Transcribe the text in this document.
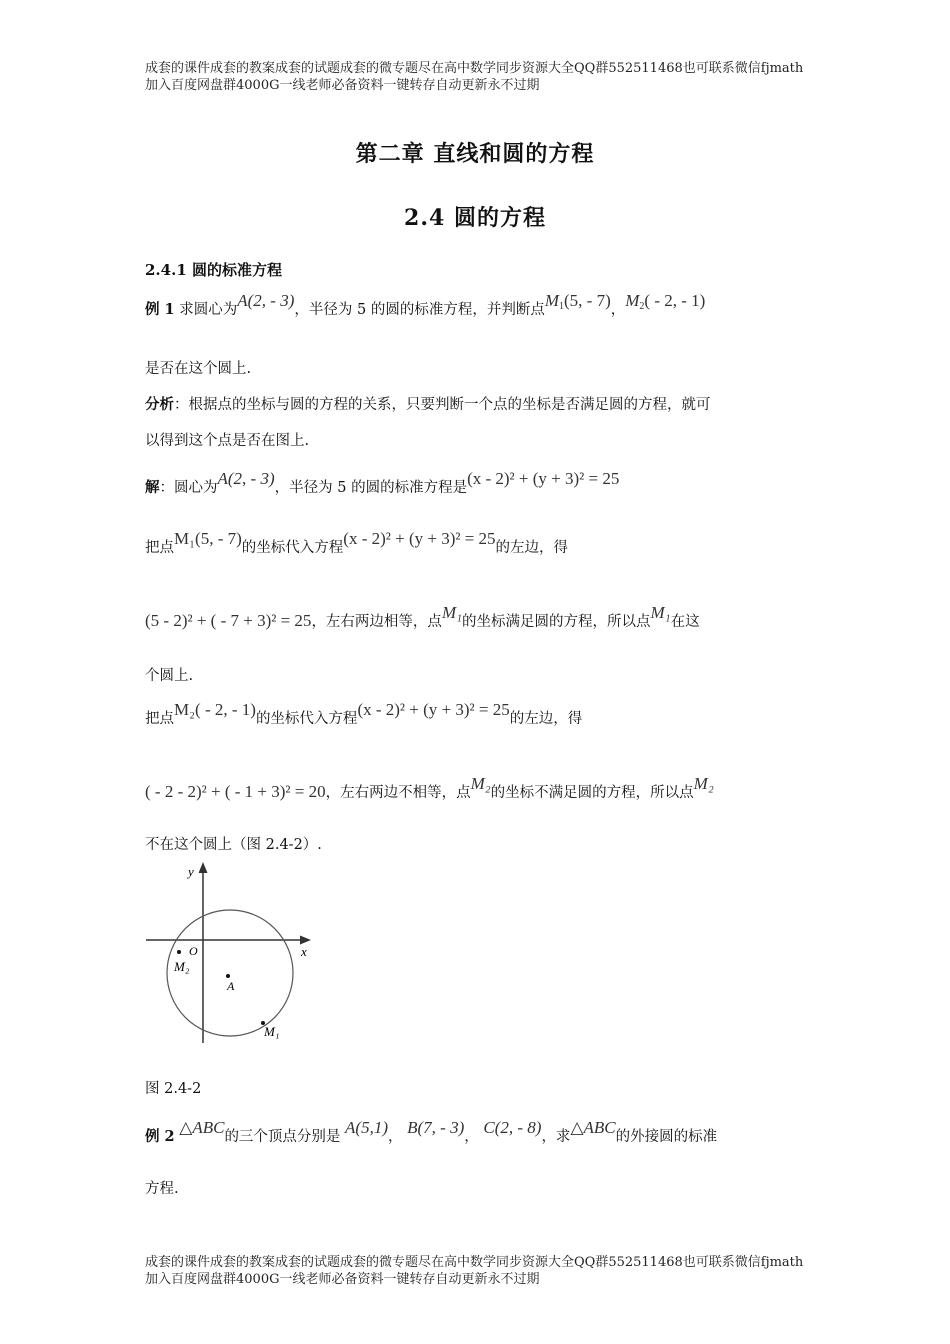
成套的课件成套的教案成套的试题成套的微专题尽在高中数学同步资源大全QQ群552511468也可联系微信fjmath加入百度网盘群4000G一线老师必备资料一键转存自动更新永不过期
第二章 直线和圆的方程
2.4 圆的方程
2.4.1 圆的标准方程
例 1 求圆心为A(2, - 3)，半径为 5 的圆的标准方程，并判断点M1(5, - 7)，M2( - 2, - 1)
是否在这个圆上.
分析：根据点的坐标与圆的方程的关系，只要判断一个点的坐标是否满足圆的方程，就可
以得到这个点是否在图上.
解：圆心为A(2, - 3)，半径为 5 的圆的标准方程是(x - 2)² + (y + 3)² = 25
把点M₁(5, - 7)的坐标代入方程(x - 2)² + (y + 3)² = 25的左边，得
(5 - 2)² + ( - 7 + 3)² = 25，左右两边相等，点M₁的坐标满足圆的方程，所以点M₁在这
个圆上.
把点M₂( - 2, - 1)的坐标代入方程(x - 2)² + (y + 3)² = 25的左边，得
( - 2 - 2)² + ( - 1 + 3)² = 20，左右两边不相等，点M₂的坐标不满足圆的方程，所以点M₂
不在这个圆上（图 2.4-2）.
y
x
O
M₂
A
M₁
图 2.4-2
例 2 △ABC的三个顶点分别是 A(5,1)， B(7, - 3)， C(2, - 8)，求△ABC的外接圆的标准
方程.
成套的课件成套的教案成套的试题成套的微专题尽在高中数学同步资源大全QQ群552511468也可联系微信fjmath加入百度网盘群4000G一线老师必备资料一键转存自动更新永不过期
